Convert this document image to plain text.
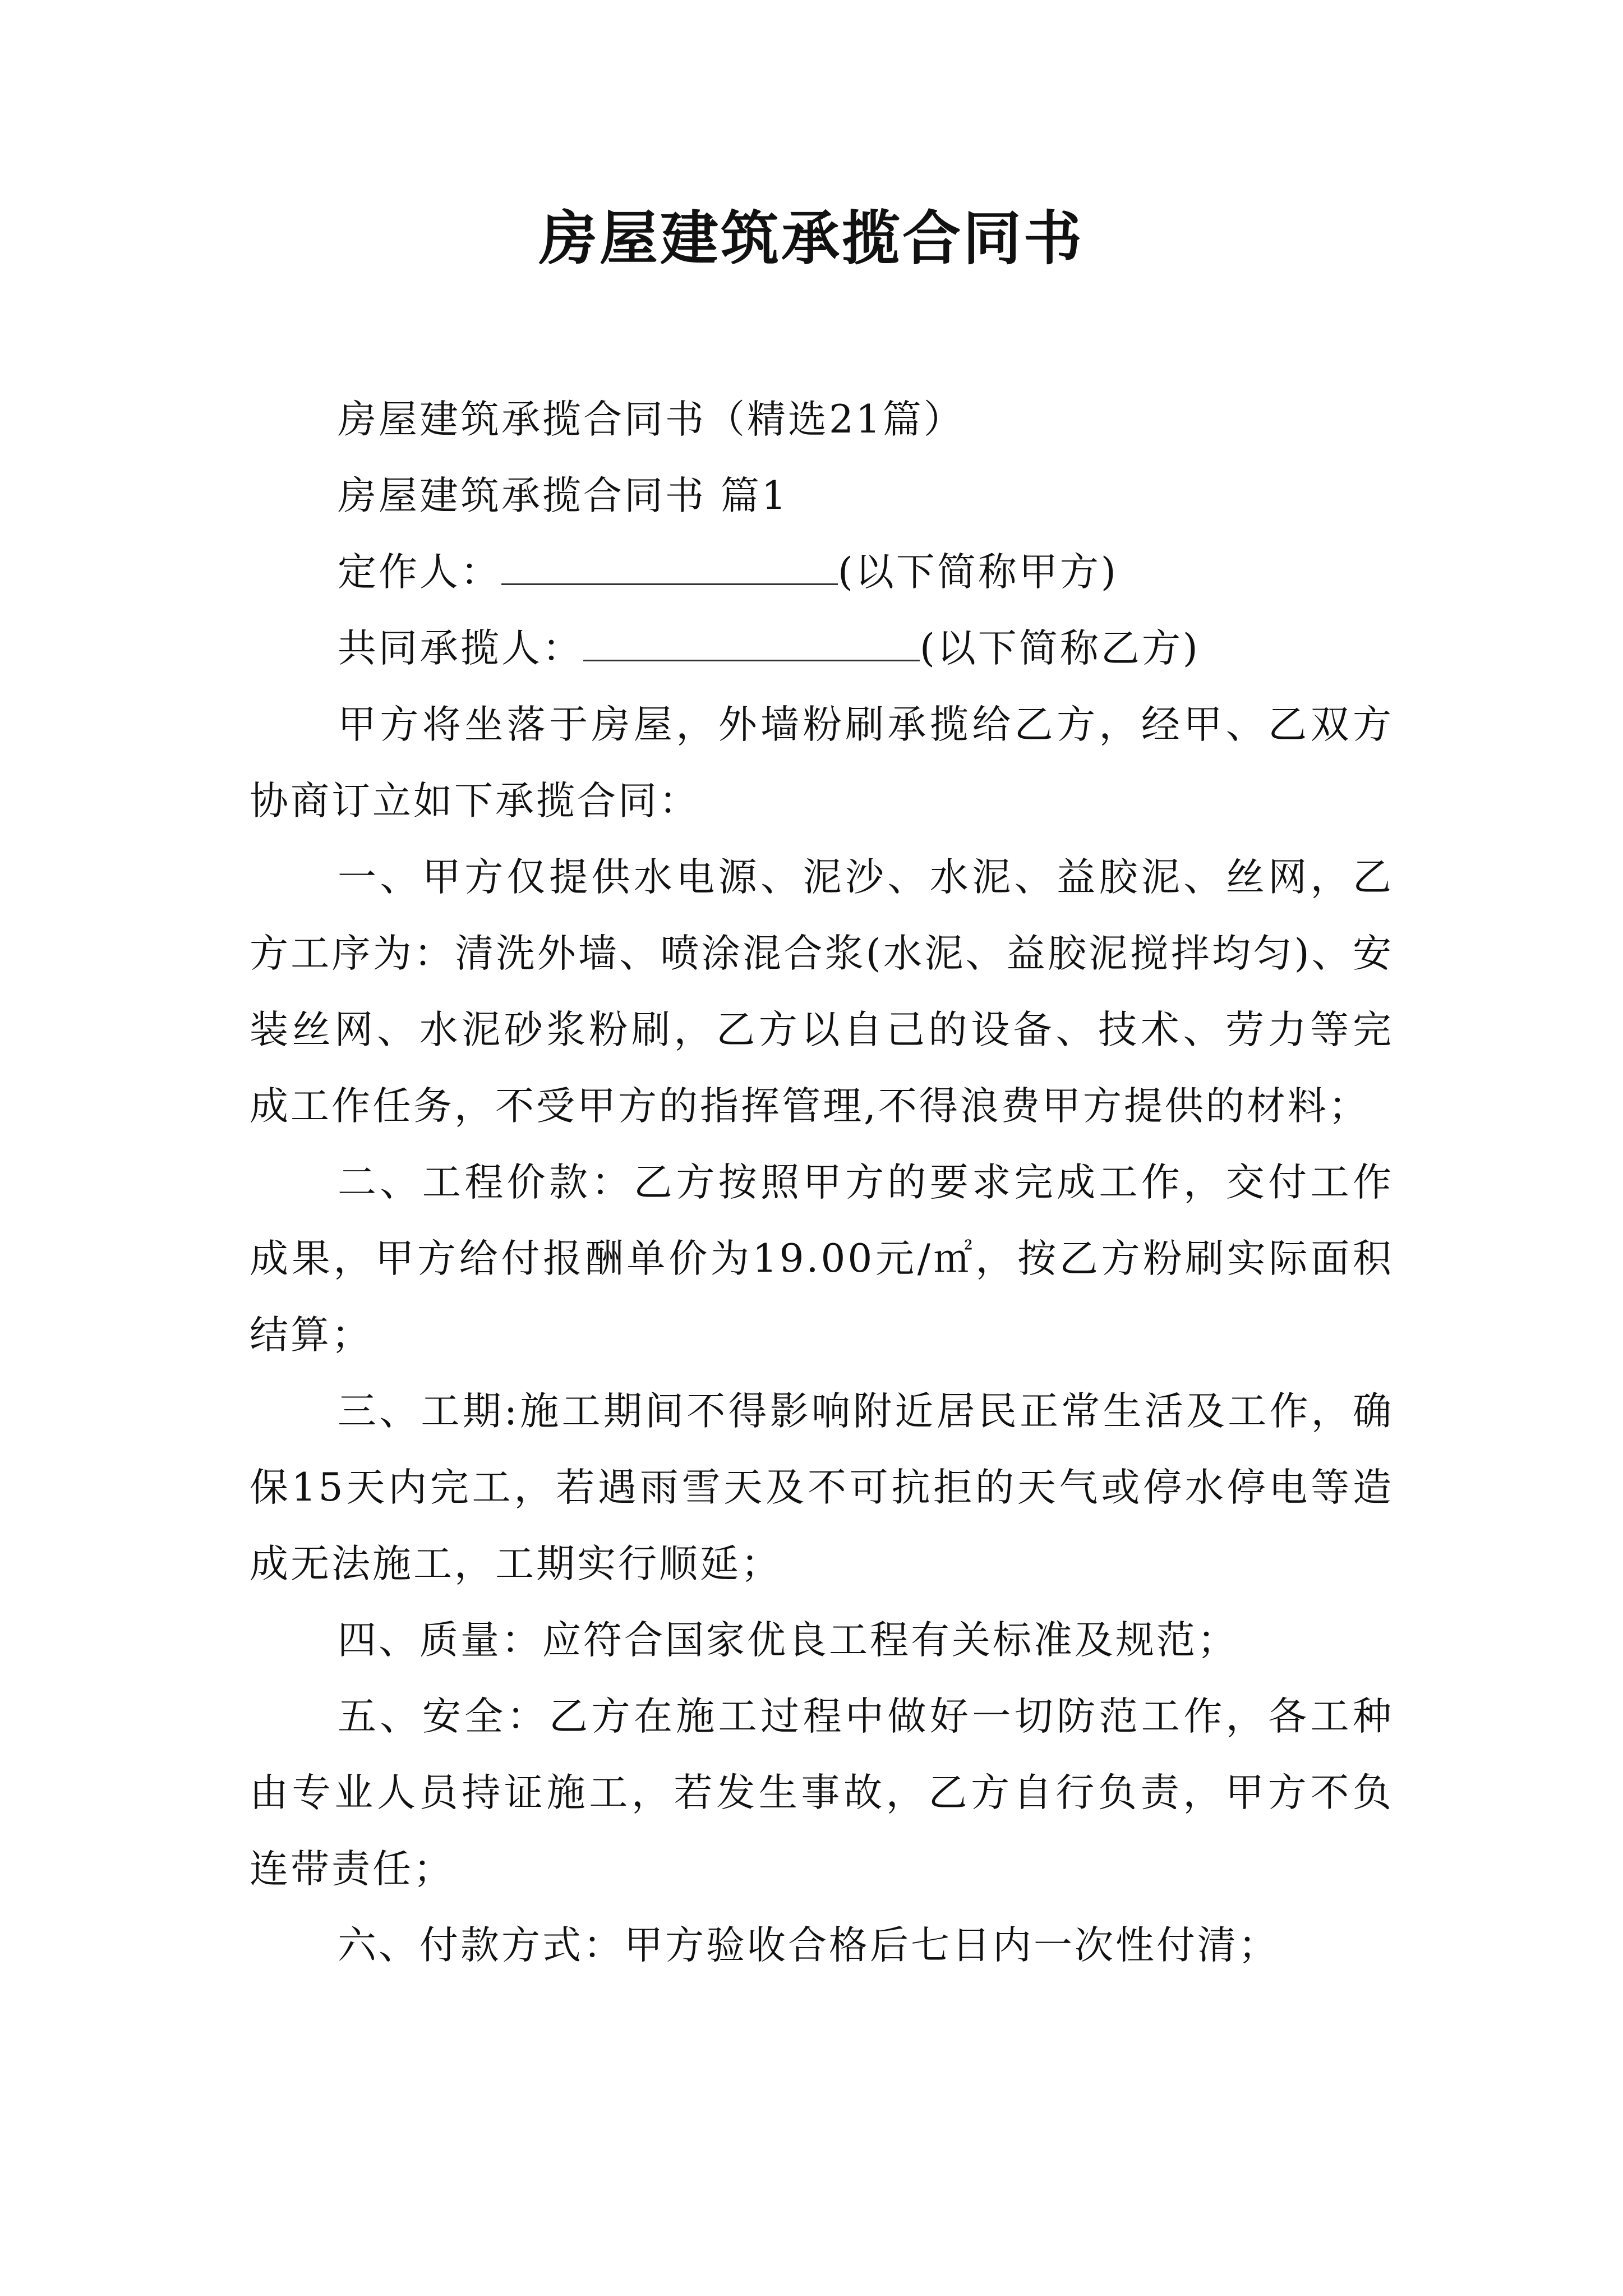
房屋建筑承揽合同书

房屋建筑承揽合同书（精选21篇）

房屋建筑承揽合同书 篇1

定作人：	(以下简称甲方)

共同承揽人：	(以下简称乙方)

甲方将坐落于房屋，外墙粉刷承揽给乙方，经甲、乙双方协商订立如下承揽合同：

一、甲方仅提供水电源、泥沙、水泥、益胶泥、丝网，乙方工序为：清洗外墙、喷涂混合浆(水泥、益胶泥搅拌均匀)、安装丝网、水泥砂浆粉刷，乙方以自己的设备、技术、劳力等完成工作任务，不受甲方的指挥管理,不得浪费甲方提供的材料；

二、工程价款：乙方按照甲方的要求完成工作，交付工作成果，甲方给付报酬单价为19.00元/㎡，按乙方粉刷实际面积结算；

三、工期:施工期间不得影响附近居民正常生活及工作，确保15天内完工，若遇雨雪天及不可抗拒的天气或停水停电等造成无法施工，工期实行顺延；

四、质量：应符合国家优良工程有关标准及规范；

五、安全：乙方在施工过程中做好一切防范工作，各工种由专业人员持证施工，若发生事故，乙方自行负责，甲方不负连带责任；

六、付款方式：甲方验收合格后七日内一次性付清；
